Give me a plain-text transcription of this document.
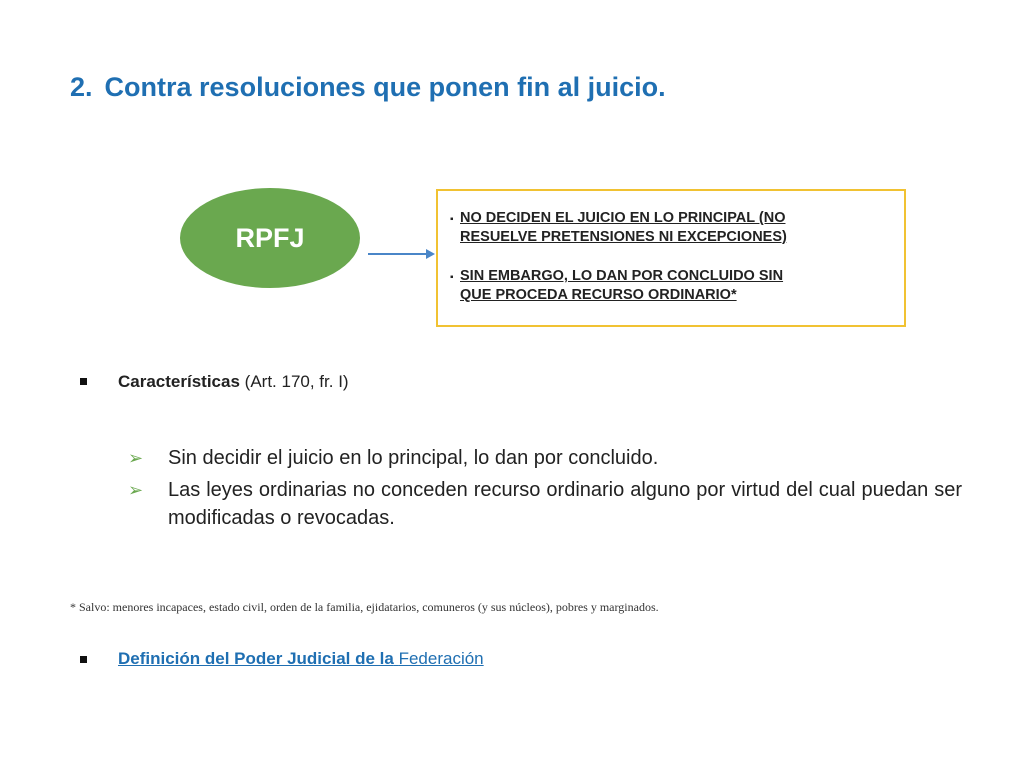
2. Contra resoluciones que ponen fin al juicio.
RPFJ
▪ NO DECIDEN EL JUICIO EN LO PRINCIPAL (NO
RESUELVE PRETENSIONES NI EXCEPCIONES)
▪ SIN EMBARGO, LO DAN POR CONCLUIDO SIN
QUE PROCEDA RECURSO ORDINARIO*
Características (Art. 170, fr. I)
➢	Sin decidir el juicio en lo principal, lo dan por concluido.
➢	Las leyes ordinarias no conceden recurso ordinario alguno por virtud del cual puedan ser modificadas o revocadas.
* Salvo: menores incapaces, estado civil, orden de la familia, ejidatarios, comuneros (y sus núcleos), pobres y marginados.
Definición del Poder Judicial de la Federación
